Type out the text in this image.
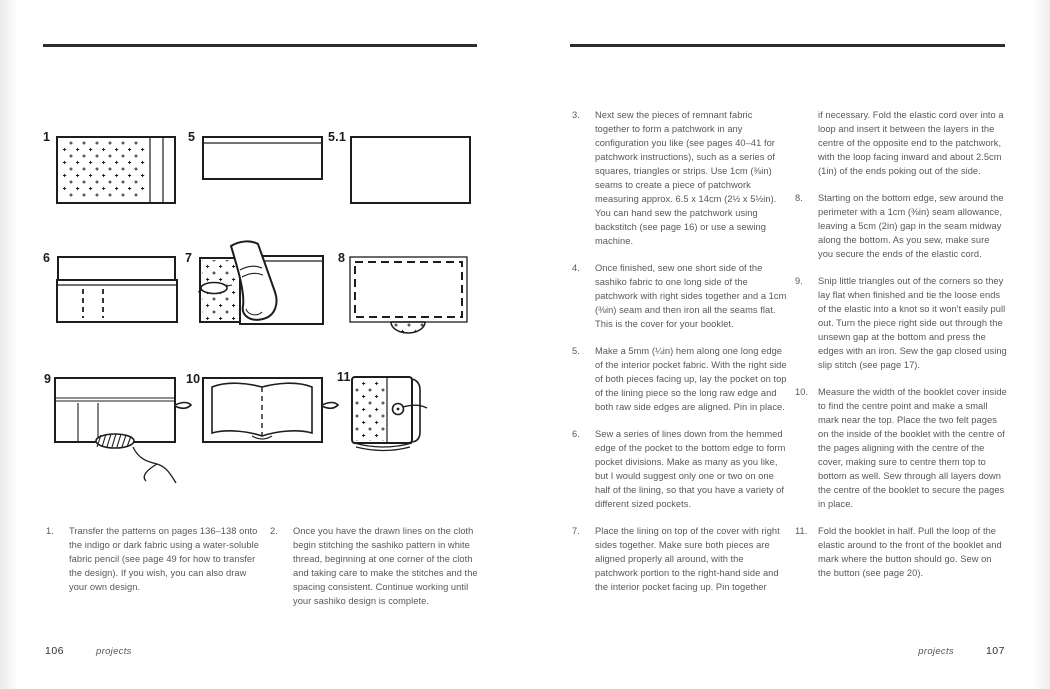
1	5	5.1
6	7	8
9	10	11
1.	Transfer the patterns on pages 136–138 onto the indigo or dark fabric using a water-soluble fabric pencil (see page 49 for how to transfer the design). If you wish, you can also draw your own design.

2.	Once you have the drawn lines on the cloth begin stitching the sashiko pattern in white thread, beginning at one corner of the cloth and taking care to make the stitches and the spacing consistent. Continue working until your sashiko design is complete.

106	projects
3.	Next sew the pieces of remnant fabric together to form a patchwork in any configuration you like (see pages 40–41 for patchwork instructions), such as a series of squares, triangles or strips. Use 1cm (⅜in) seams to create a piece of patchwork measuring approx. 6.5 x 14cm (2½ x 5½in). You can hand sew the patchwork using backstitch (see page 16) or use a sewing machine.

4.	Once finished, sew one short side of the sashiko fabric to one long side of the patchwork with right sides together and a 1cm (⅜in) seam and then iron all the seams flat. This is the cover for your booklet.

5.	Make a 5mm (¼in) hem along one long edge of the interior pocket fabric. With the right side of both pieces facing up, lay the pocket on top of the lining piece so the long raw edge and both raw side edges are aligned. Pin in place.

6.	Sew a series of lines down from the hemmed edge of the pocket to the bottom edge to form pocket divisions. Make as many as you like, but I would suggest only one or two on one half of the lining, so that you have a variety of different sized pockets.

7.	Place the lining on top of the cover with right sides together. Make sure both pieces are aligned properly all around, with the patchwork portion to the right-hand side and the interior pocket facing up. Pin together

if necessary. Fold the elastic cord over into a loop and insert it between the layers in the centre of the opposite end to the patchwork, with the loop facing inward and about 2.5cm (1in) of the ends poking out of the side.

8.	Starting on the bottom edge, sew around the perimeter with a 1cm (⅜in) seam allowance, leaving a 5cm (2in) gap in the seam midway along the bottom. As you sew, make sure you secure the ends of the elastic cord.

9.	Snip little triangles out of the corners so they lay flat when finished and tie the loose ends of the elastic into a knot so it won't easily pull out. Turn the piece right side out through the unsewn gap at the bottom and press the edges with an iron. Sew the gap closed using slip stitch (see page 17).

10.	Measure the width of the booklet cover inside to find the centre point and make a small mark near the top. Place the two felt pages on the inside of the booklet with the centre of the pages aligning with the centre of the cover, making sure to centre them top to bottom as well. Sew through all layers down the centre of the booklet to secure the pages in place.

11.	Fold the booklet in half. Pull the loop of the elastic around to the front of the booklet and mark where the button should go. Sew on the button (see page 20).

projects	107
